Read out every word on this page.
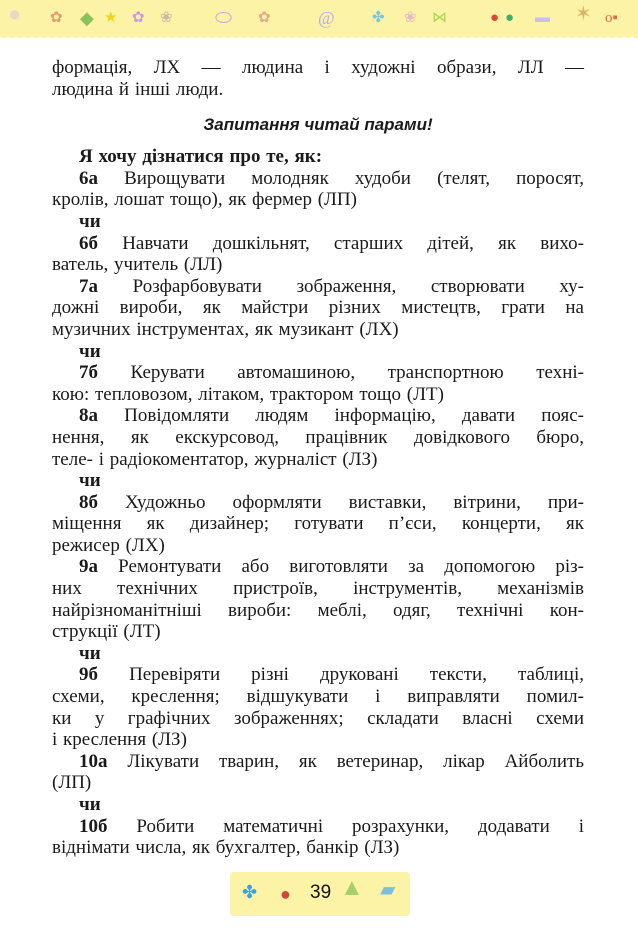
● ✿ ◆ ★ ✿ ❀ ⬭ ✿	@ ✤ ❀ ⋈	● ● ▬ ✶ o▪
формація, ЛХ — людина і художні образи, ЛЛ —
людина й інші люди.
Запитання читай парами!
Я хочу дізнатися про те, як:
6а Вирощувати молодняк худоби (телят, поросят,
кролів, лошат тощо), як фермер (ЛП)
чи
6б Навчати дошкільнят, старших дітей, як вихо-
ватель, учитель (ЛЛ)
7а Розфарбовувати зображення, створювати ху-
дожні вироби, як майстри різних мистецтв, грати на
музичних інструментах, як музикант (ЛХ)
чи
7б Керувати автомашиною, транспортною техні-
кою: тепловозом, літаком, трактором тощо (ЛТ)
8а Повідомляти людям інформацію, давати пояс-
нення, як екскурсовод, працівник довідкового бюро,
теле- і радіокоментатор, журналіст (ЛЗ)
чи
8б Художньо оформляти виставки, вітрини, при-
міщення як дизайнер; готувати п’єси, концерти, як
режисер (ЛХ)
9а Ремонтувати або виготовляти за допомогою різ-
них технічних пристроїв, інструментів, механізмів
найрізноманітніші вироби: меблі, одяг, технічні кон-
струкції (ЛТ)
чи
9б Перевіряти різні друковані тексти, таблиці,
схеми, креслення; відшукувати і виправляти помил-
ки у графічних зображеннях; складати власні схеми
і креслення (ЛЗ)
10а Лікувати тварин, як ветеринар, лікар Айболить
(ЛП)
чи
10б Робити математичні розрахунки, додавати і
віднімати числа, як бухгалтер, банкір (ЛЗ)
✤ ● 39 ▲ ▰
